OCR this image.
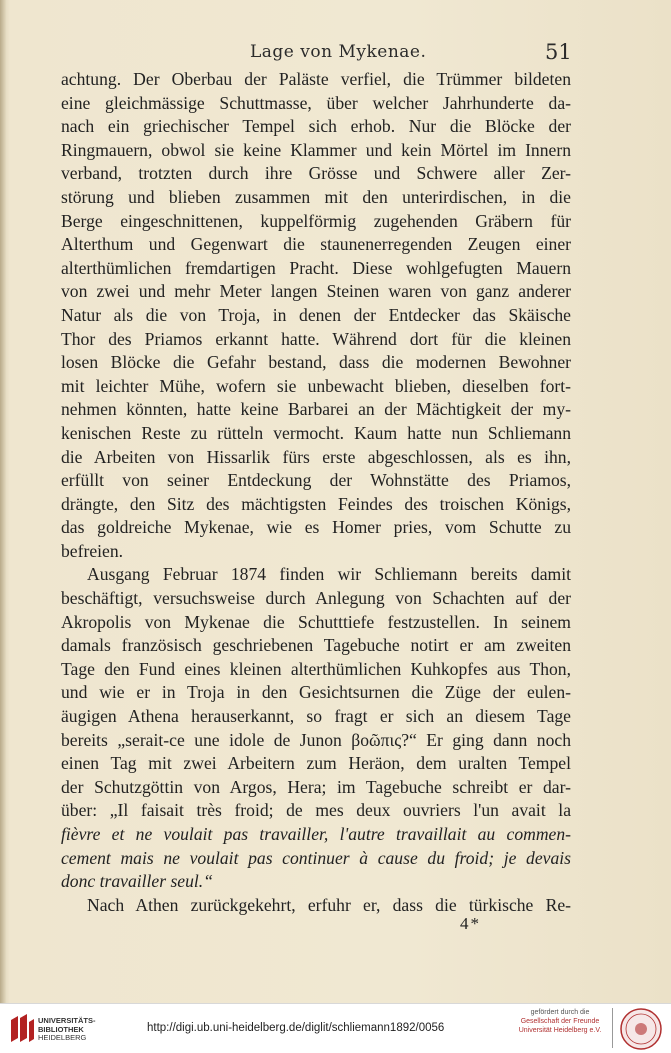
Lage von Mykenae.	51
achtung. Der Oberbau der Paläste verfiel, die Trümmer bildeten
eine gleichmässige Schuttmasse, über welcher Jahrhunderte da-
nach ein griechischer Tempel sich erhob. Nur die Blöcke der
Ringmauern, obwol sie keine Klammer und kein Mörtel im Innern
verband, trotzten durch ihre Grösse und Schwere aller Zer-
störung und blieben zusammen mit den unterirdischen, in die
Berge eingeschnittenen, kuppelförmig zugehenden Gräbern für
Alterthum und Gegenwart die staunenerregenden Zeugen einer
alterthümlichen fremdartigen Pracht. Diese wohlgefugten Mauern
von zwei und mehr Meter langen Steinen waren von ganz anderer
Natur als die von Troja, in denen der Entdecker das Skäische
Thor des Priamos erkannt hatte. Während dort für die kleinen
losen Blöcke die Gefahr bestand, dass die modernen Bewohner
mit leichter Mühe, wofern sie unbewacht blieben, dieselben fort-
nehmen könnten, hatte keine Barbarei an der Mächtigkeit der my-
kenischen Reste zu rütteln vermocht. Kaum hatte nun Schliemann
die Arbeiten von Hissarlik fürs erste abgeschlossen, als es ihn,
erfüllt von seiner Entdeckung der Wohnstätte des Priamos,
drängte, den Sitz des mächtigsten Feindes des troischen Königs,
das goldreiche Mykenae, wie es Homer pries, vom Schutte zu
befreien.
Ausgang Februar 1874 finden wir Schliemann bereits damit
beschäftigt, versuchsweise durch Anlegung von Schachten auf der
Akropolis von Mykenae die Schutttiefe festzustellen. In seinem
damals französisch geschriebenen Tagebuche notirt er am zweiten
Tage den Fund eines kleinen alterthümlichen Kuhkopfes aus Thon,
und wie er in Troja in den Gesichtsurnen die Züge der eulen-
äugigen Athena herauserkannt, so fragt er sich an diesem Tage
bereits „serait-ce une idole de Junon βοῶπις?“ Er ging dann noch
einen Tag mit zwei Arbeitern zum Heräon, dem uralten Tempel
der Schutzgöttin von Argos, Hera; im Tagebuche schreibt er dar-
über: „Il faisait très froid; de mes deux ouvriers l'un avait la
fièvre et ne voulait pas travailler, l'autre travaillait au commen-
cement mais ne voulait pas continuer à cause du froid; je devais
donc travailler seul.“
Nach Athen zurückgekehrt, erfuhr er, dass die türkische Re-
4*
UNIVERSITÄTS-
BIBLIOTHEK
HEIDELBERG
http://digi.ub.uni-heidelberg.de/diglit/schliemann1892/0056
gefördert durch die
Gesellschaft der Freunde
Universität Heidelberg e.V.
